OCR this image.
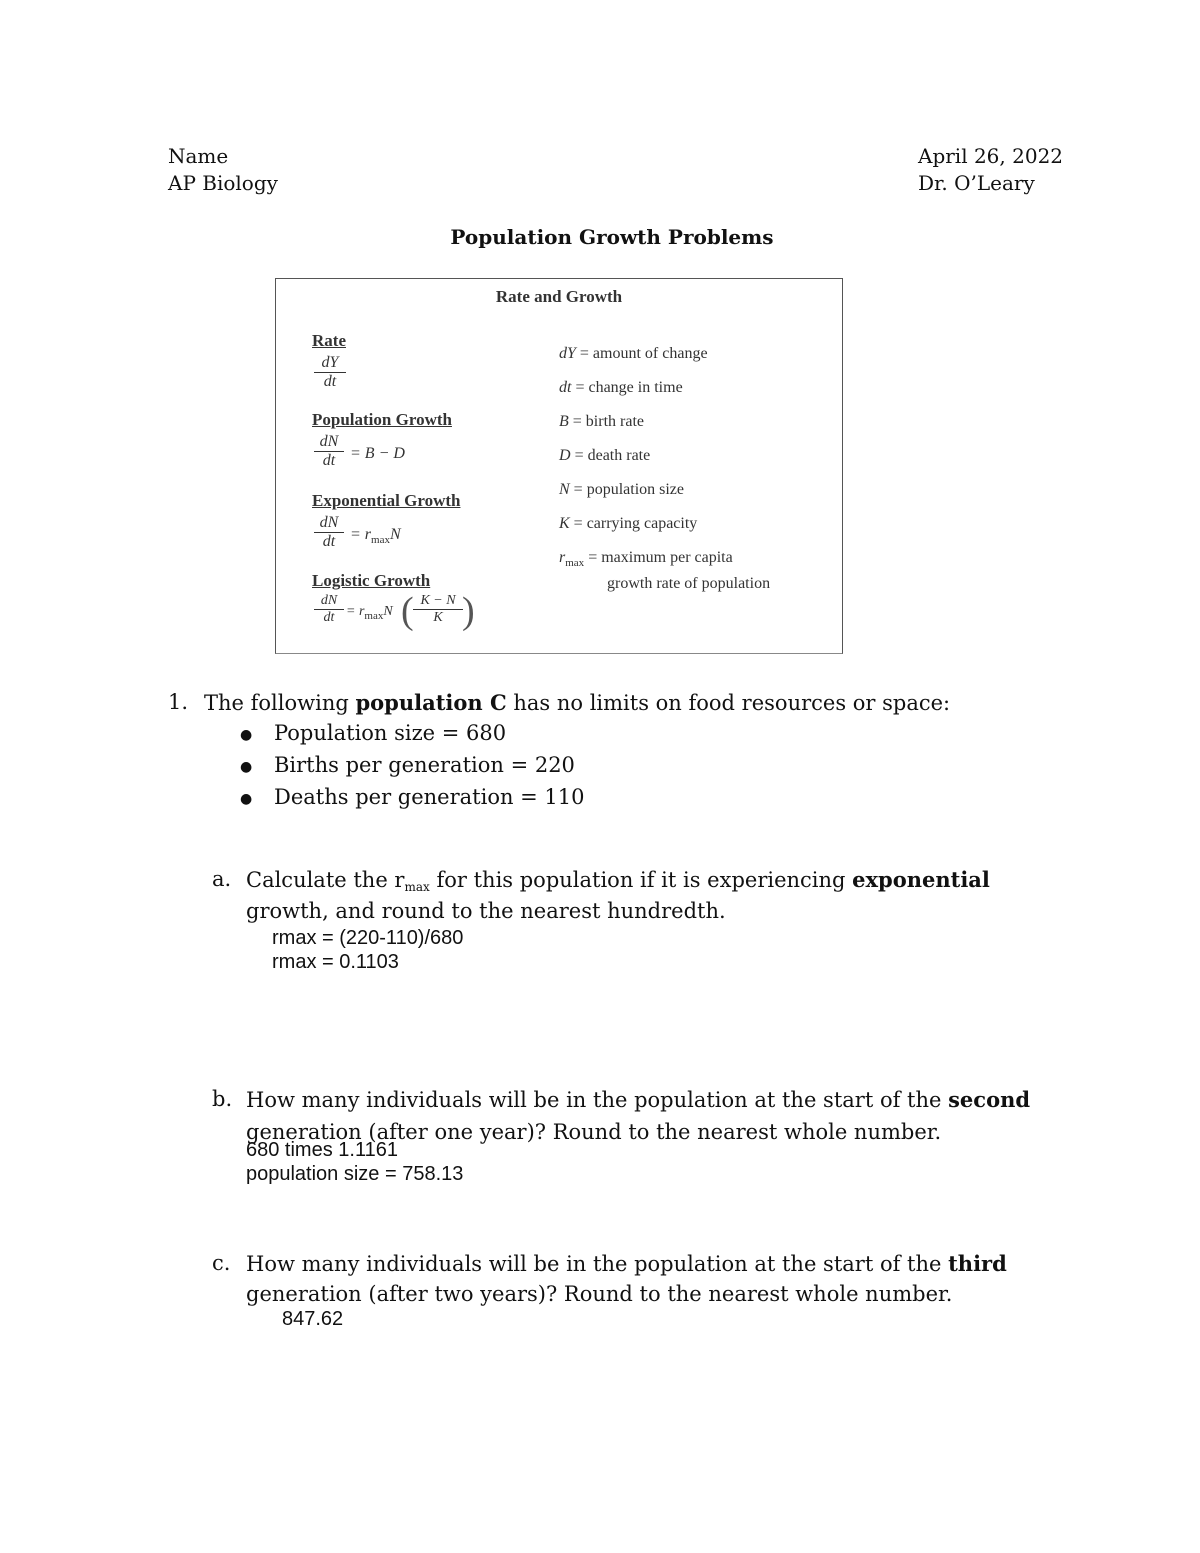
Name
AP Biology
April 26, 2022
Dr. O’Leary
Population Growth Problems
Rate and Growth
Rate
dY
dt
Population Growth
dN
dt = B − D
Exponential Growth
dN
dt = $r_{max}N$
Logistic Growth
dN
dt = $r_{max}N$ ( K − N
K )
dY = amount of change
dt = change in time
B = birth rate
D = death rate
N = population size
K = carrying capacity
$r_{max}$ = maximum per capita
growth rate of population
1. The following population C has no limits on food resources or space:
● Population size = 680
● Births per generation = 220
● Deaths per generation = 110
a. Calculate the rmax for this population if it is experiencing exponential
growth, and round to the nearest hundredth.
rmax = (220-110)/680
rmax = 0.1103
b. How many individuals will be in the population at the start of the second
generation (after one year)? Round to the nearest whole number.
680 times 1.1161
population size = 758.13
c. How many individuals will be in the population at the start of the third
generation (after two years)? Round to the nearest whole number.
847.62
